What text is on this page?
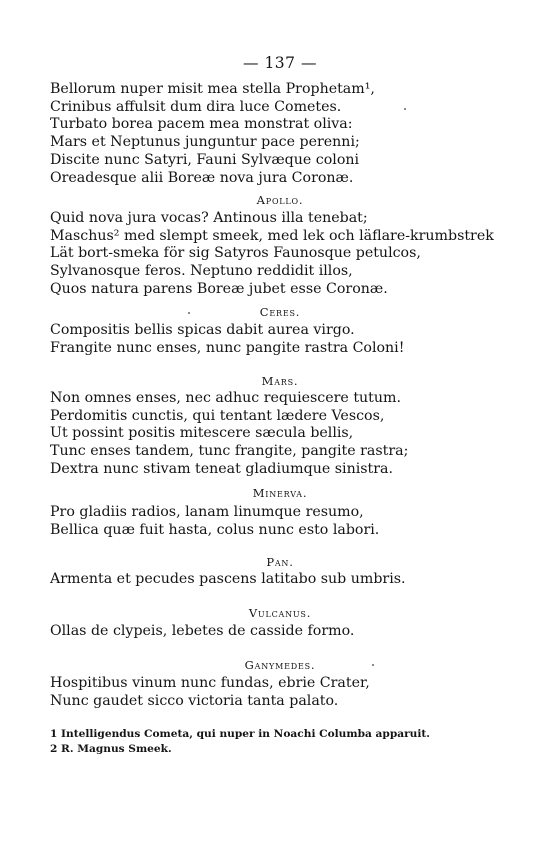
— 137 —
Bellorum nuper misit mea stella Prophetam¹,
Crinibus affulsit dum dira luce Cometes.
Turbato borea pacem mea monstrat oliva:
Mars et Neptunus junguntur pace perenni;
Discite nunc Satyri, Fauni Sylvæque coloni
Oreadesque alii Boreæ nova jura Coronæ.
Apollo.
Quid nova jura vocas? Antinous illa tenebat;
Maschus² med slempt smeek, med lek och läflare-krumbstrek
Lät bort-smeka för sig Satyros Faunosque petulcos,
Sylvanosque feros. Neptuno reddidit illos,
Quos natura parens Boreæ jubet esse Coronæ.
Ceres.
Compositis bellis spicas dabit aurea virgo.
Frangite nunc enses, nunc pangite rastra Coloni!
Mars.
Non omnes enses, nec adhuc requiescere tutum.
Perdomitis cunctis, qui tentant lædere Vescos,
Ut possint positis mitescere sæcula bellis,
Tunc enses tandem, tunc frangite, pangite rastra;
Dextra nunc stivam teneat gladiumque sinistra.
Minerva.
Pro gladiis radios, lanam linumque resumo,
Bellica quæ fuit hasta, colus nunc esto labori.
Pan.
Armenta et pecudes pascens latitabo sub umbris.
Vulcanus.
Ollas de clypeis, lebetes de casside formo.
Ganymedes.
Hospitibus vinum nunc fundas, ebrie Crater,
Nunc gaudet sicco victoria tanta palato.
1 Intelligendus Cometa, qui nuper in Noachi Columba apparuit.
2 R. Magnus Smeek.
